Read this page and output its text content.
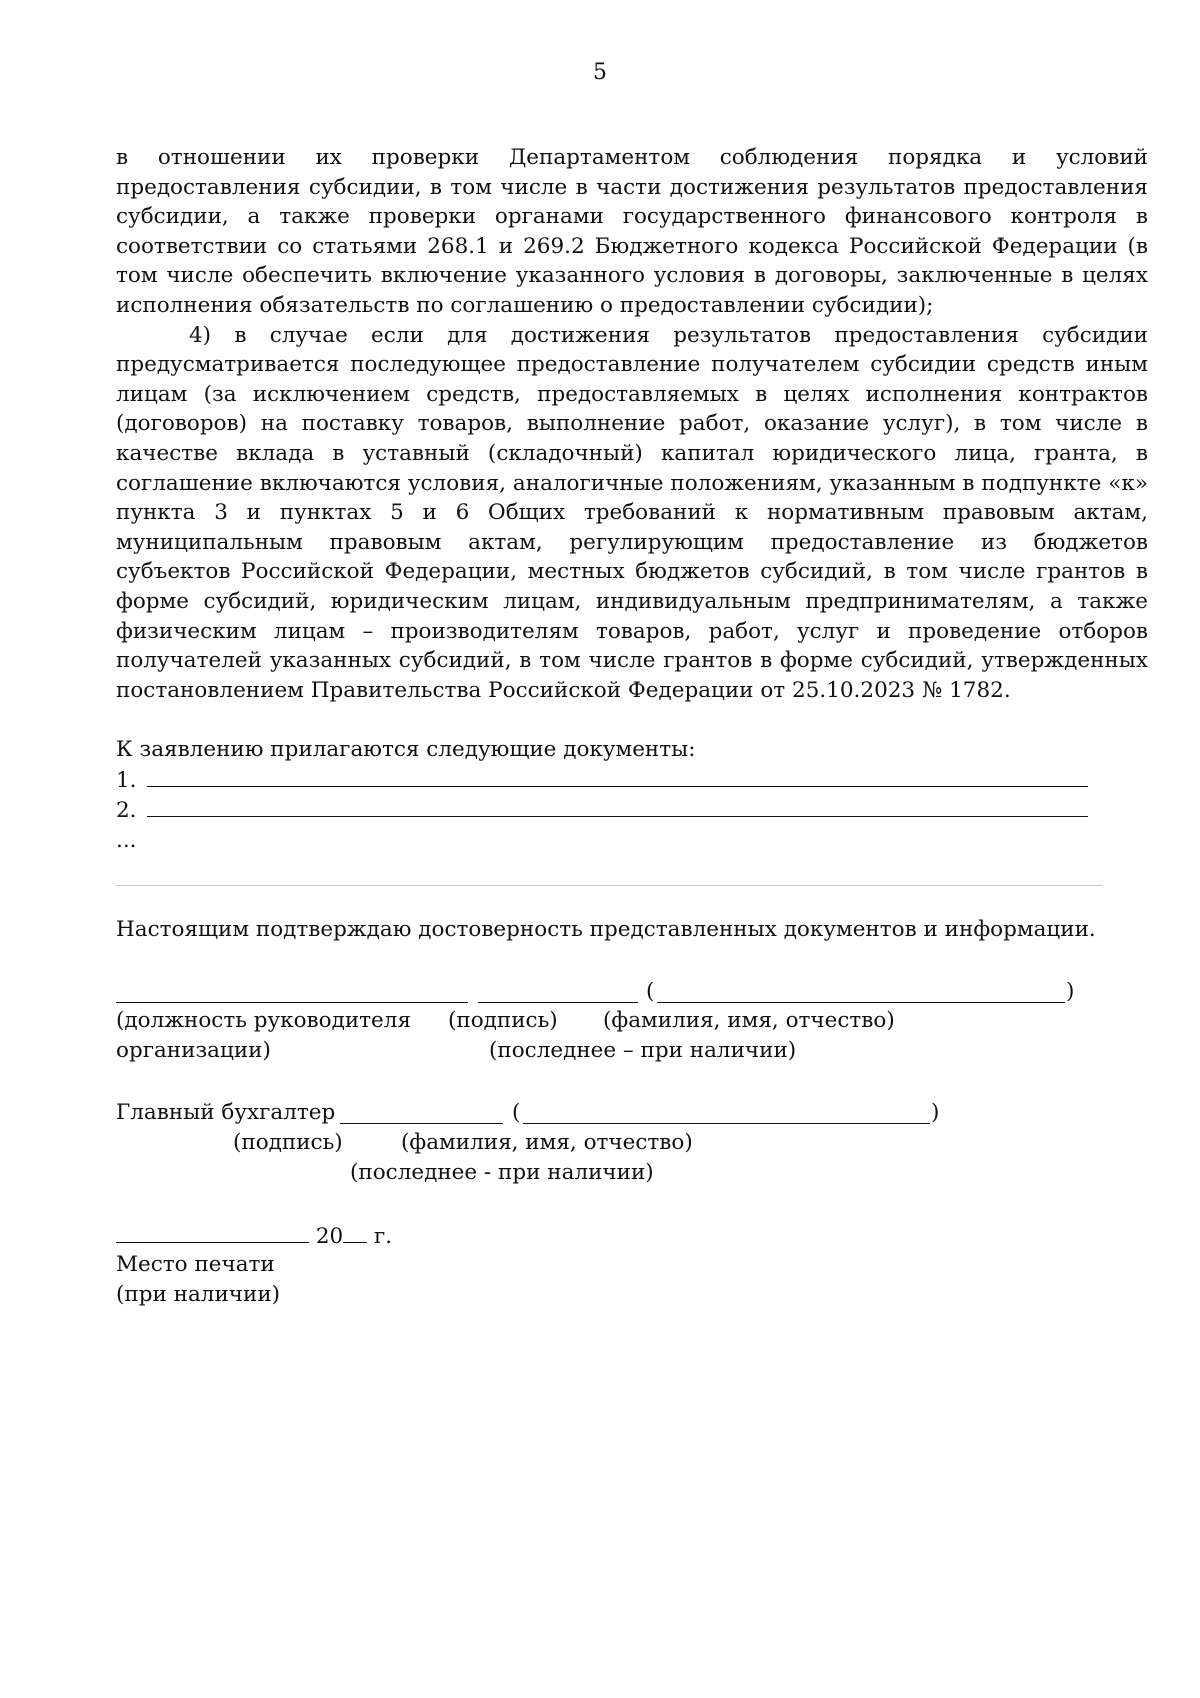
5

в отношении их проверки Департаментом соблюдения порядка и условий предоставления субсидии, в том числе в части достижения результатов предоставления субсидии, а также проверки органами государственного финансового контроля в соответствии со статьями 268.1 и 269.2 Бюджетного кодекса Российской Федерации (в том числе обеспечить включение указанного условия в договоры, заключенные в целях исполнения обязательств по соглашению о предоставлении субсидии);

4) в случае если для достижения результатов предоставления субсидии предусматривается последующее предоставление получателем субсидии средств иным лицам (за исключением средств, предоставляемых в целях исполнения контрактов (договоров) на поставку товаров, выполнение работ, оказание услуг), в том числе в качестве вклада в уставный (складочный) капитал юридического лица, гранта, в соглашение включаются условия, аналогичные положениям, указанным в подпункте «к» пункта 3 и пунктах 5 и 6 Общих требований к нормативным правовым актам, муниципальным правовым актам, регулирующим предоставление из бюджетов субъектов Российской Федерации, местных бюджетов субсидий, в том числе грантов в форме субсидий, юридическим лицам, индивидуальным предпринимателям, а также физическим лицам – производителям товаров, работ, услуг и проведение отборов получателей указанных субсидий, в том числе грантов в форме субсидий, утвержденных постановлением Правительства Российской Федерации от 25.10.2023 № 1782.

К заявлению прилагаются следующие документы:
1.
2.
...
Настоящим подтверждаю достоверность представленных документов и информации.
(	)
(должность руководителя (подпись) (фамилия, имя, отчество)
организации)	(последнее – при наличии)
Главный бухгалтер	(	)
(подпись)	(фамилия, имя, отчество)
(последнее - при наличии)
20 г.
Место печати
(при наличии)
